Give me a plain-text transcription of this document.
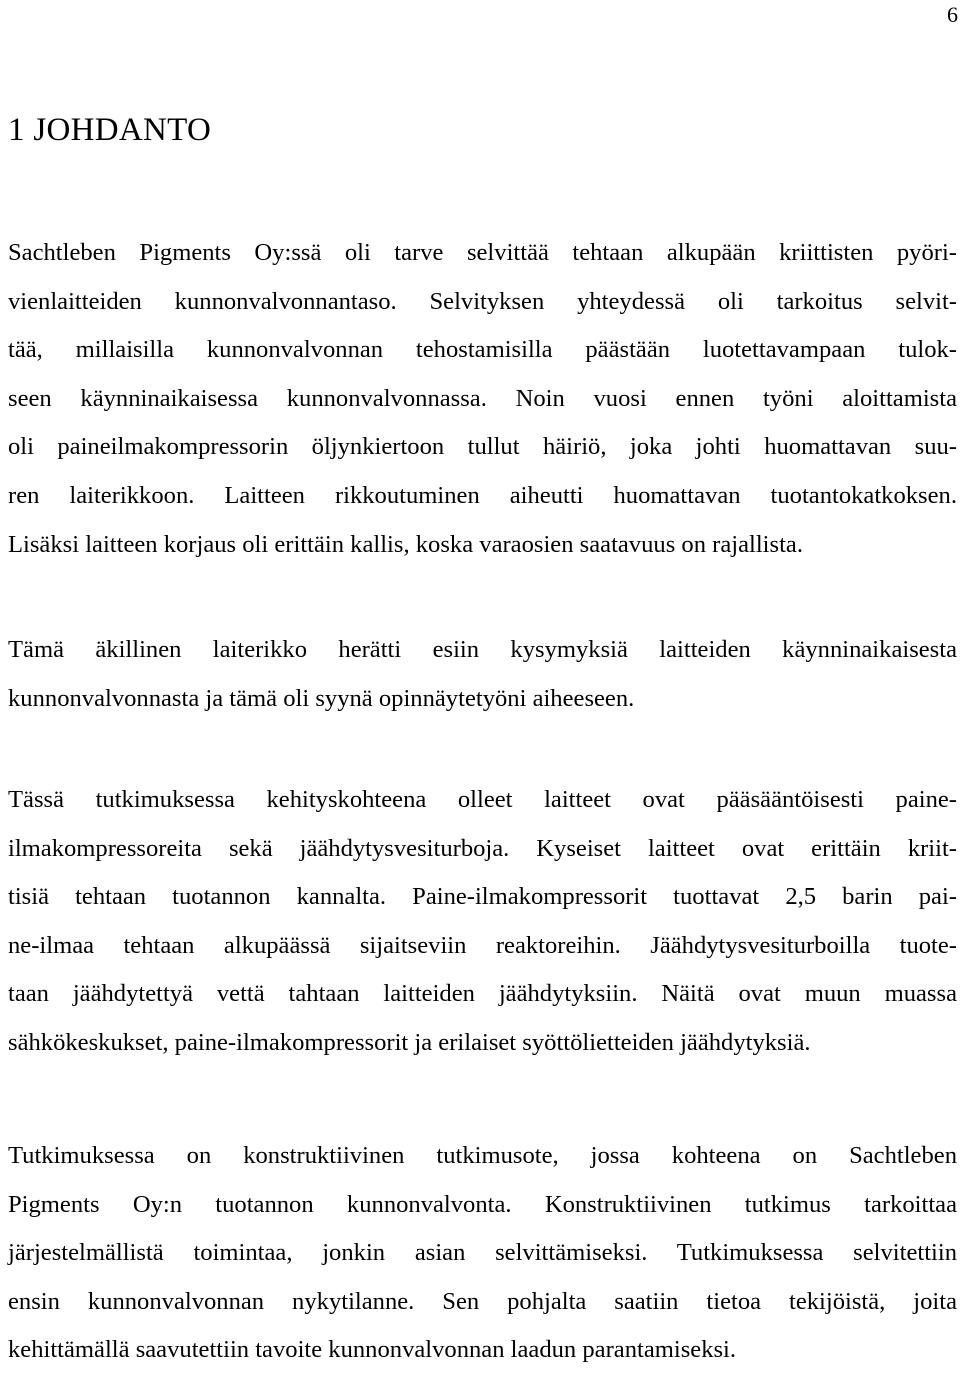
6
1 JOHDANTO
Sachtleben Pigments Oy:ssä oli tarve selvittää tehtaan alkupään kriittisten pyöri-
vienlaitteiden kunnonvalvonnantaso. Selvityksen yhteydessä oli tarkoitus selvit-
tää, millaisilla kunnonvalvonnan tehostamisilla päästään luotettavampaan tulok-
seen käynninaikaisessa kunnonvalvonnassa. Noin vuosi ennen työni aloittamista
oli paineilmakompressorin öljynkiertoon tullut häiriö, joka johti huomattavan suu-
ren laiterikkoon. Laitteen rikkoutuminen aiheutti huomattavan tuotantokatkoksen.
Lisäksi laitteen korjaus oli erittäin kallis, koska varaosien saatavuus on rajallista.
Tämä äkillinen laiterikko herätti esiin kysymyksiä laitteiden käynninaikaisesta
kunnonvalvonnasta ja tämä oli syynä opinnäytetyöni aiheeseen.
Tässä tutkimuksessa kehityskohteena olleet laitteet ovat pääsääntöisesti paine-
ilmakompressoreita sekä jäähdytysvesiturboja. Kyseiset laitteet ovat erittäin kriit-
tisiä tehtaan tuotannon kannalta. Paine-ilmakompressorit tuottavat 2,5 barin pai-
ne-ilmaa tehtaan alkupäässä sijaitseviin reaktoreihin. Jäähdytysvesiturboilla tuote-
taan jäähdytettyä vettä tahtaan laitteiden jäähdytyksiin. Näitä ovat muun muassa
sähkökeskukset, paine-ilmakompressorit ja erilaiset syöttölietteiden jäähdytyksiä.
Tutkimuksessa on konstruktiivinen tutkimusote, jossa kohteena on Sachtleben
Pigments Oy:n tuotannon kunnonvalvonta. Konstruktiivinen tutkimus tarkoittaa
järjestelmällistä toimintaa, jonkin asian selvittämiseksi. Tutkimuksessa selvitettiin
ensin kunnonvalvonnan nykytilanne. Sen pohjalta saatiin tietoa tekijöistä, joita
kehittämällä saavutettiin tavoite kunnonvalvonnan laadun parantamiseksi.
